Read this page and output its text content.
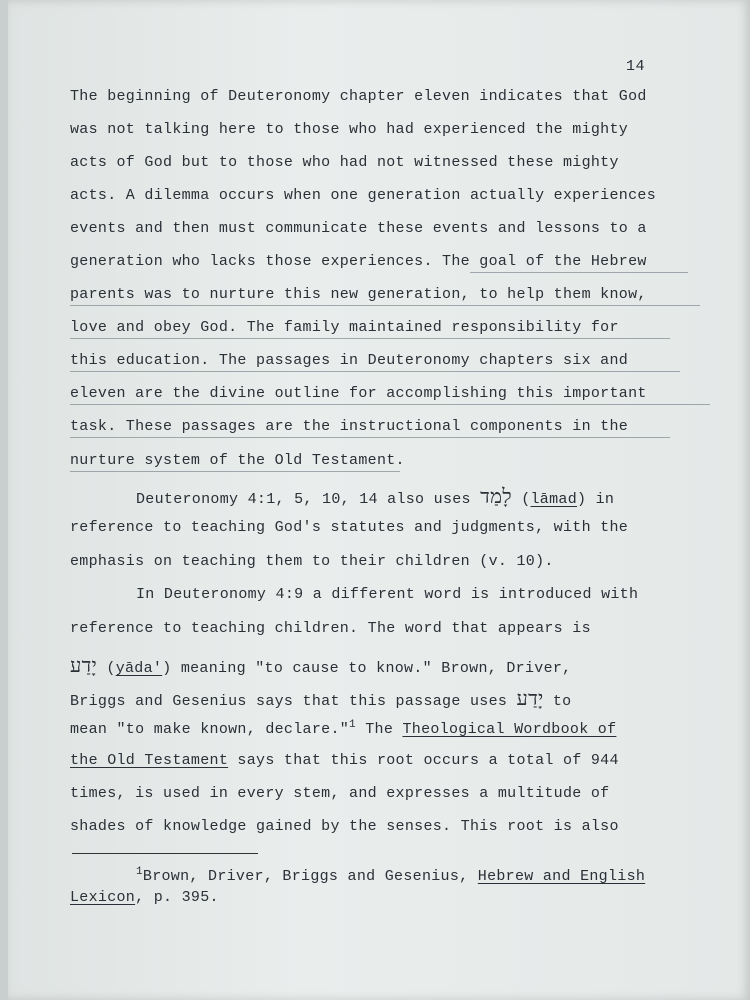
14
The beginning of Deuteronomy chapter eleven indicates that God
was not talking here to those who had experienced the mighty
acts of God but to those who had not witnessed these mighty
acts. A dilemma occurs when one generation actually experiences
events and then must communicate these events and lessons to a
generation who lacks those experiences. The goal of the Hebrew
parents was to nurture this new generation, to help them know,
love and obey God. The family maintained responsibility for
this education. The passages in Deuteronomy chapters six and
eleven are the divine outline for accomplishing this important
task. These passages are the instructional components in the
nurture system of the Old Testament.
Deuteronomy 4:1, 5, 10, 14 also uses לָמַד (lāmad) in
reference to teaching God's statutes and judgments, with the
emphasis on teaching them to their children (v. 10).
In Deuteronomy 4:9 a different word is introduced with
reference to teaching children. The word that appears is
יָדַע (yāda') meaning "to cause to know." Brown, Driver,
Briggs and Gesenius says that this passage uses יָדַע to
mean "to make known, declare."$^1$ The Theological Wordbook of
the Old Testament says that this root occurs a total of 944
times, is used in every stem, and expresses a multitude of
shades of knowledge gained by the senses. This root is also
$^1$Brown, Driver, Briggs and Gesenius, Hebrew and English
Lexicon, p. 395.
